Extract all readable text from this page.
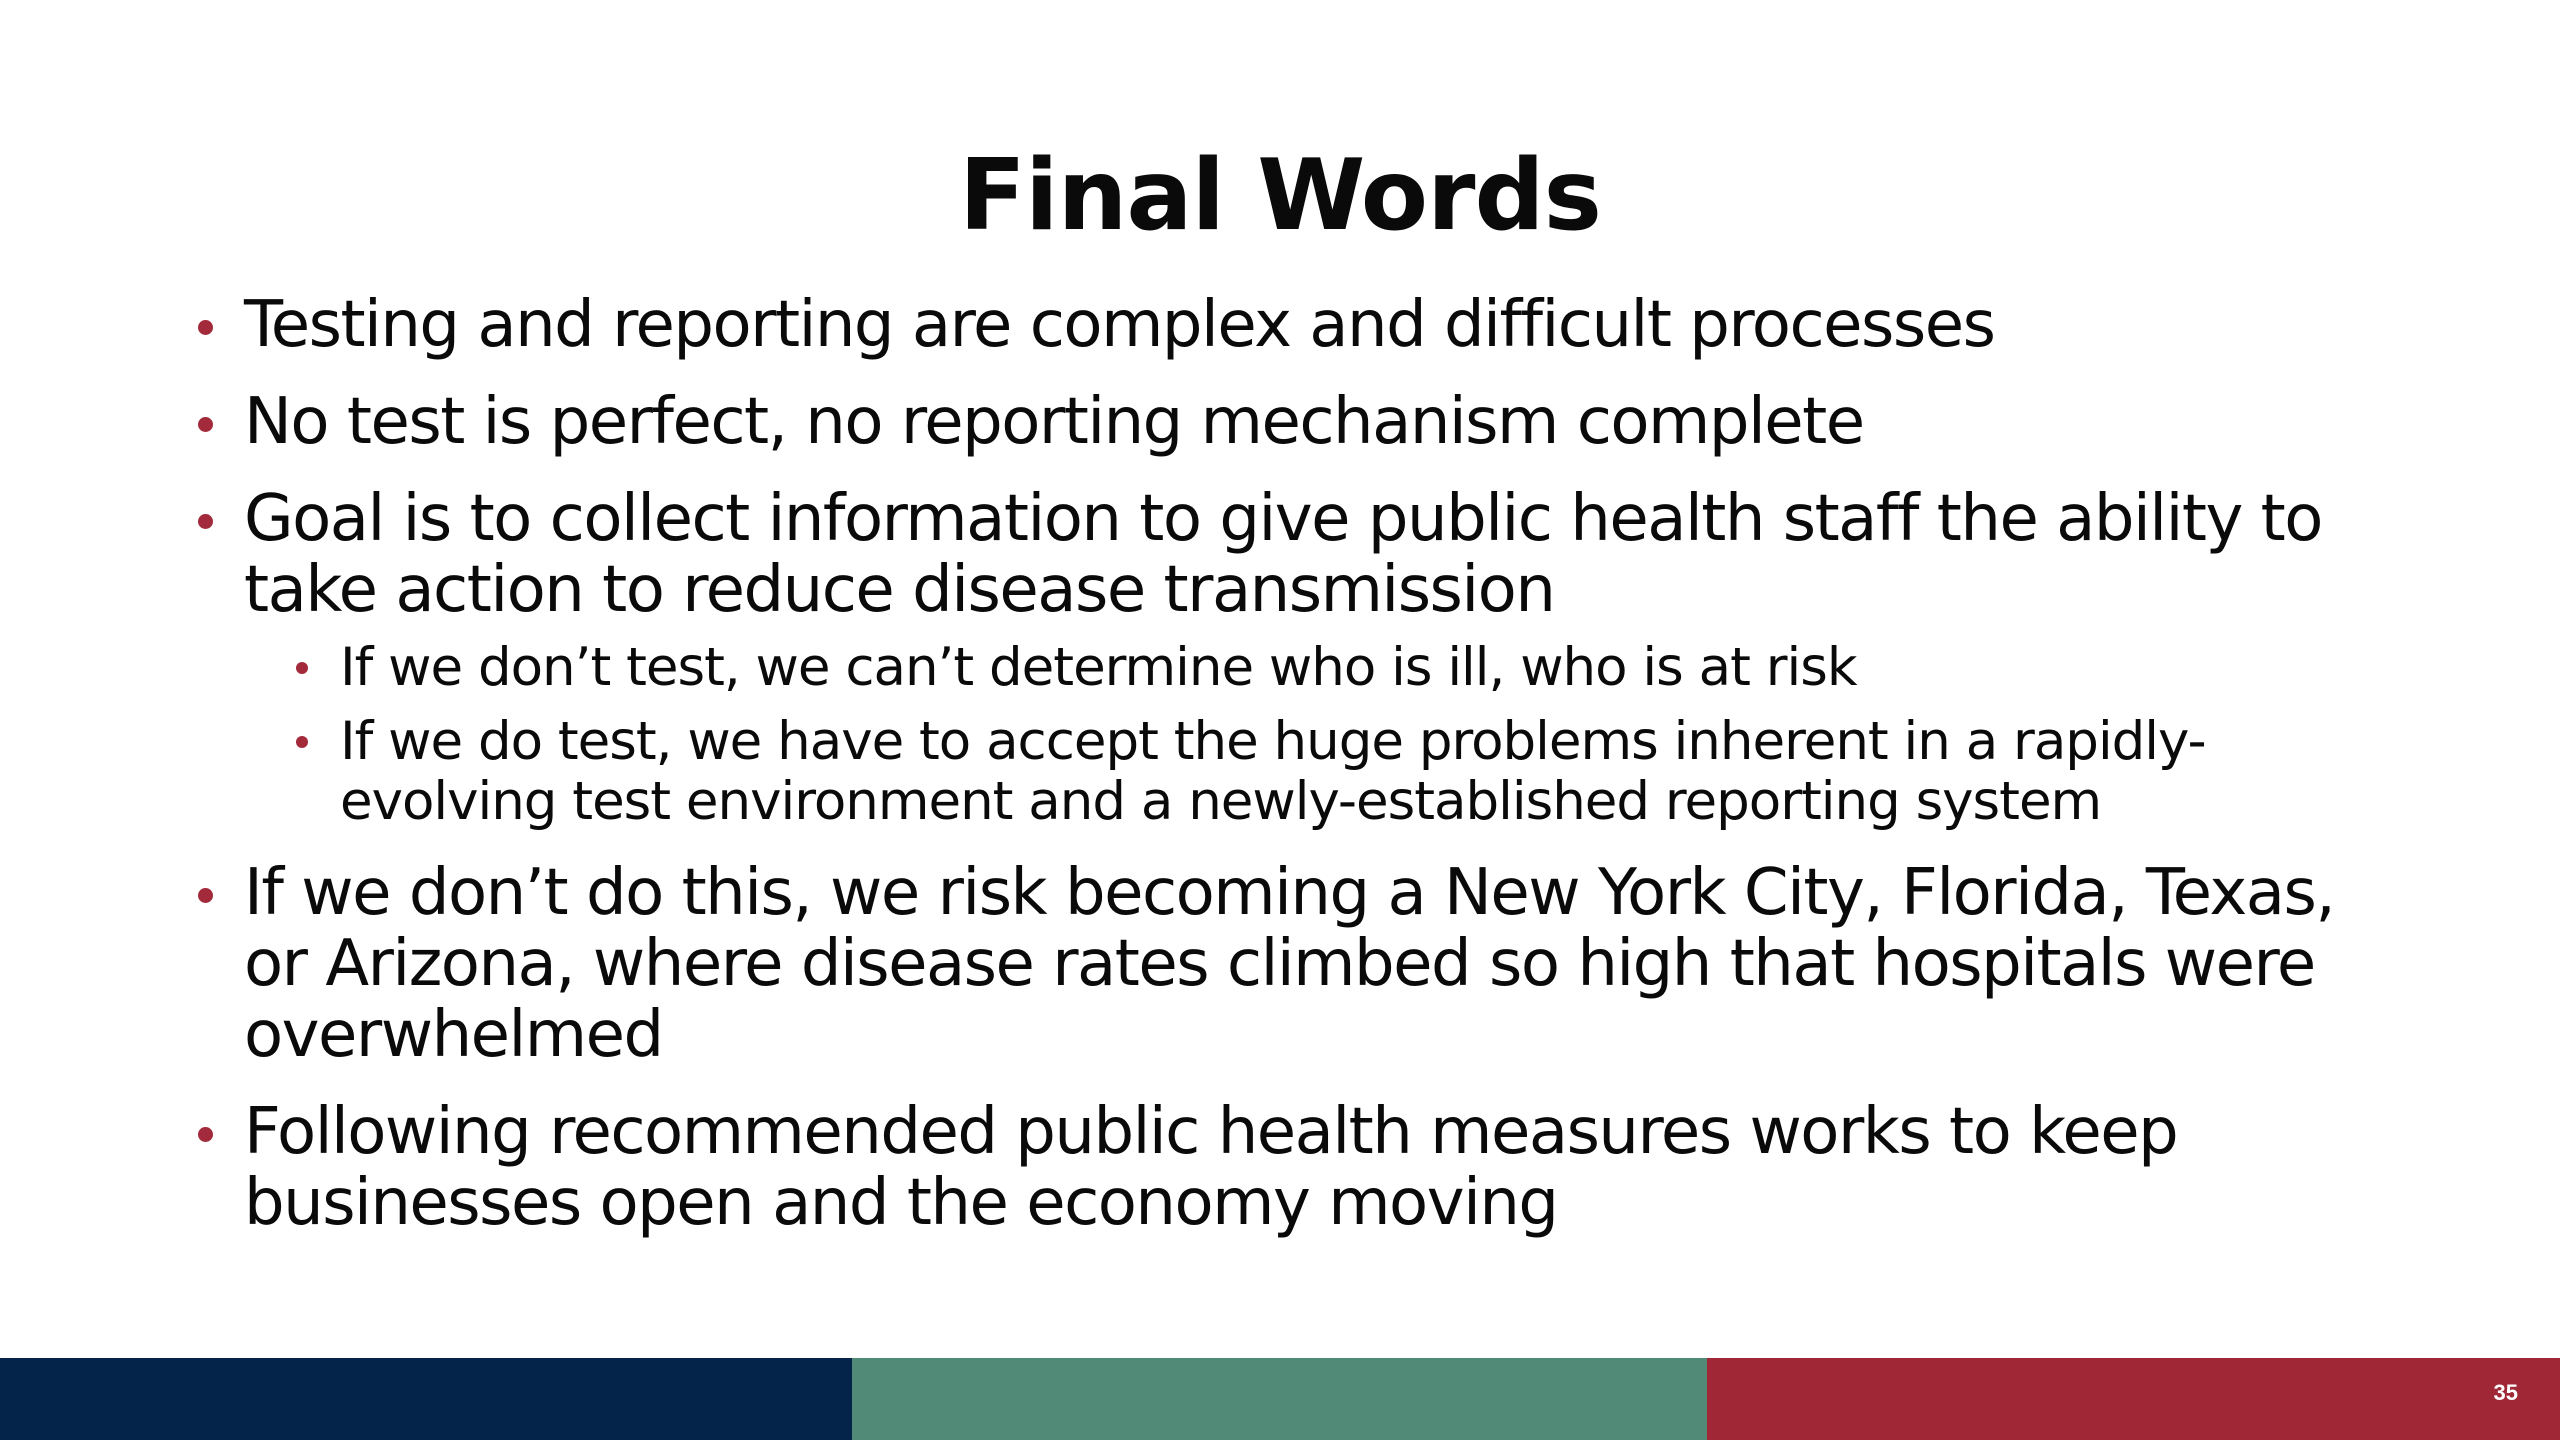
Final Words
Testing and reporting are complex and difficult processes
No test is perfect, no reporting mechanism complete
Goal is to collect information to give public health staff the ability to take action to reduce disease transmission
If we don’t test, we can’t determine who is ill, who is at risk
If we do test, we have to accept the huge problems inherent in a rapidly-evolving test environment and a newly-established reporting system
If we don’t do this, we risk becoming a New York City, Florida, Texas, or Arizona, where disease rates climbed so high that hospitals were overwhelmed
Following recommended public health measures works to keep businesses open and the economy moving
35
